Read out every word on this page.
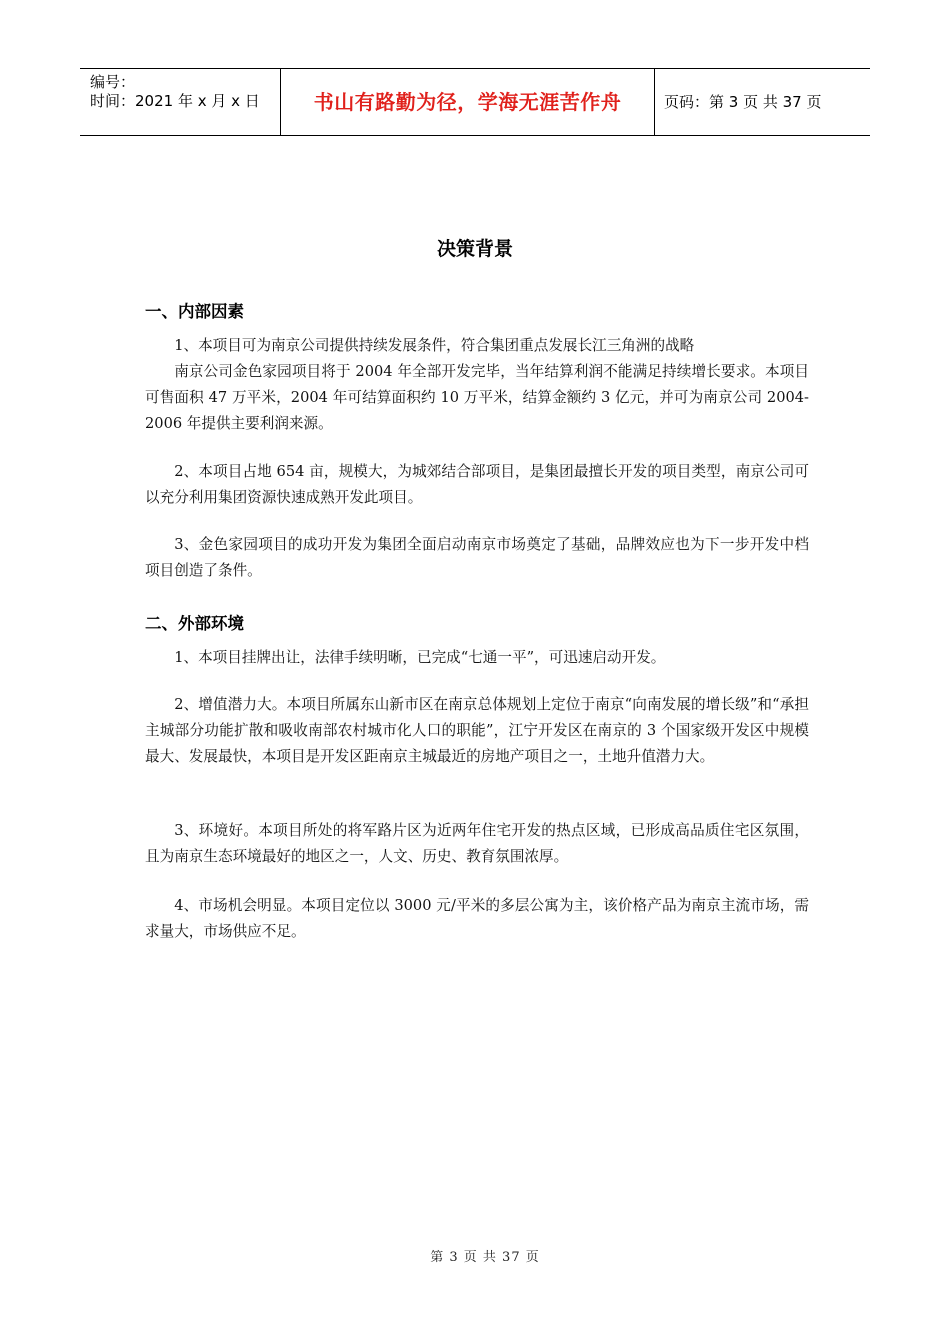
编号：
时间：2021 年 x 月 x 日	书山有路勤为径，学海无涯苦作舟	页码：第 3 页 共 37 页
决策背景
一、内部因素
1、本项目可为南京公司提供持续发展条件，符合集团重点发展长江三角洲的战略
南京公司金色家园项目将于 2004 年全部开发完毕，当年结算利润不能满足持续增长要求。本项目可售面积 47 万平米，2004 年可结算面积约 10 万平米，结算金额约 3 亿元，并可为南京公司 2004-2006 年提供主要利润来源。
2、本项目占地 654 亩，规模大，为城郊结合部项目，是集团最擅长开发的项目类型，南京公司可以充分利用集团资源快速成熟开发此项目。
3、金色家园项目的成功开发为集团全面启动南京市场奠定了基础，品牌效应也为下一步开发中档项目创造了条件。
二、外部环境
1、本项目挂牌出让，法律手续明晰，已完成“七通一平”，可迅速启动开发。
2、增值潜力大。本项目所属东山新市区在南京总体规划上定位于南京“向南发展的增长级”和“承担主城部分功能扩散和吸收南部农村城市化人口的职能”，江宁开发区在南京的 3 个国家级开发区中规模最大、发展最快，本项目是开发区距南京主城最近的房地产项目之一，土地升值潜力大。
3、环境好。本项目所处的将军路片区为近两年住宅开发的热点区域，已形成高品质住宅区氛围，且为南京生态环境最好的地区之一，人文、历史、教育氛围浓厚。
4、市场机会明显。本项目定位以 3000 元/平米的多层公寓为主，该价格产品为南京主流市场，需求量大，市场供应不足。
第 3 页 共 37 页
